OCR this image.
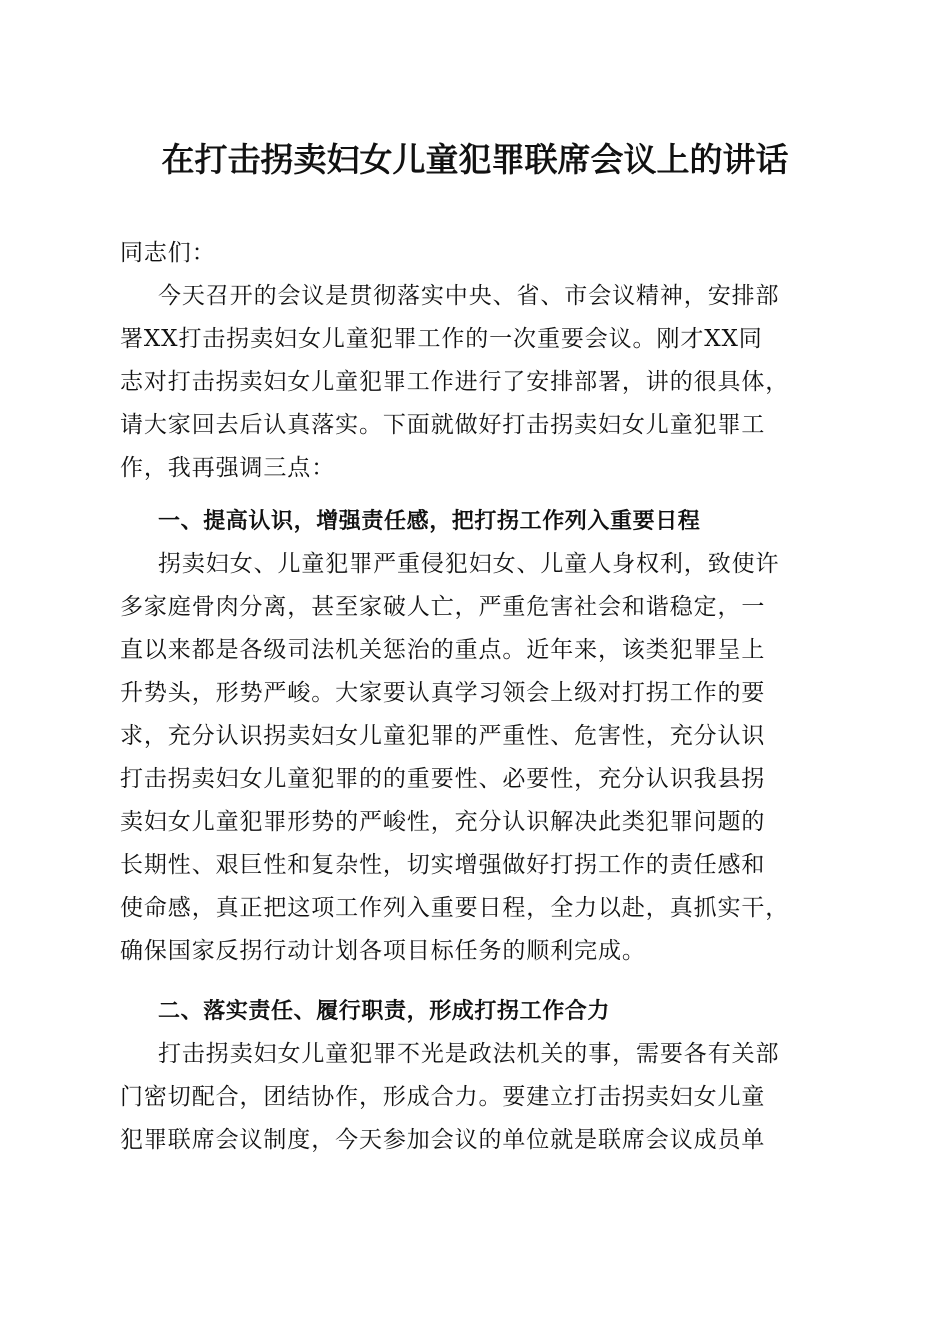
在打击拐卖妇女儿童犯罪联席会议上的讲话
同志们：
今天召开的会议是贯彻落实中央、省、市会议精神，安排部
署XX打击拐卖妇女儿童犯罪工作的一次重要会议。刚才XX同
志对打击拐卖妇女儿童犯罪工作进行了安排部署，讲的很具体，
请大家回去后认真落实。下面就做好打击拐卖妇女儿童犯罪工
作，我再强调三点：
一、提高认识，增强责任感，把打拐工作列入重要日程
拐卖妇女、儿童犯罪严重侵犯妇女、儿童人身权利，致使许
多家庭骨肉分离，甚至家破人亡，严重危害社会和谐稳定，一
直以来都是各级司法机关惩治的重点。近年来，该类犯罪呈上
升势头，形势严峻。大家要认真学习领会上级对打拐工作的要
求，充分认识拐卖妇女儿童犯罪的严重性、危害性，充分认识
打击拐卖妇女儿童犯罪的的重要性、必要性，充分认识我县拐
卖妇女儿童犯罪形势的严峻性，充分认识解决此类犯罪问题的
长期性、艰巨性和复杂性，切实增强做好打拐工作的责任感和
使命感，真正把这项工作列入重要日程，全力以赴，真抓实干，
确保国家反拐行动计划各项目标任务的顺利完成。
二、落实责任、履行职责，形成打拐工作合力
打击拐卖妇女儿童犯罪不光是政法机关的事，需要各有关部
门密切配合，团结协作，形成合力。要建立打击拐卖妇女儿童
犯罪联席会议制度，今天参加会议的单位就是联席会议成员单
